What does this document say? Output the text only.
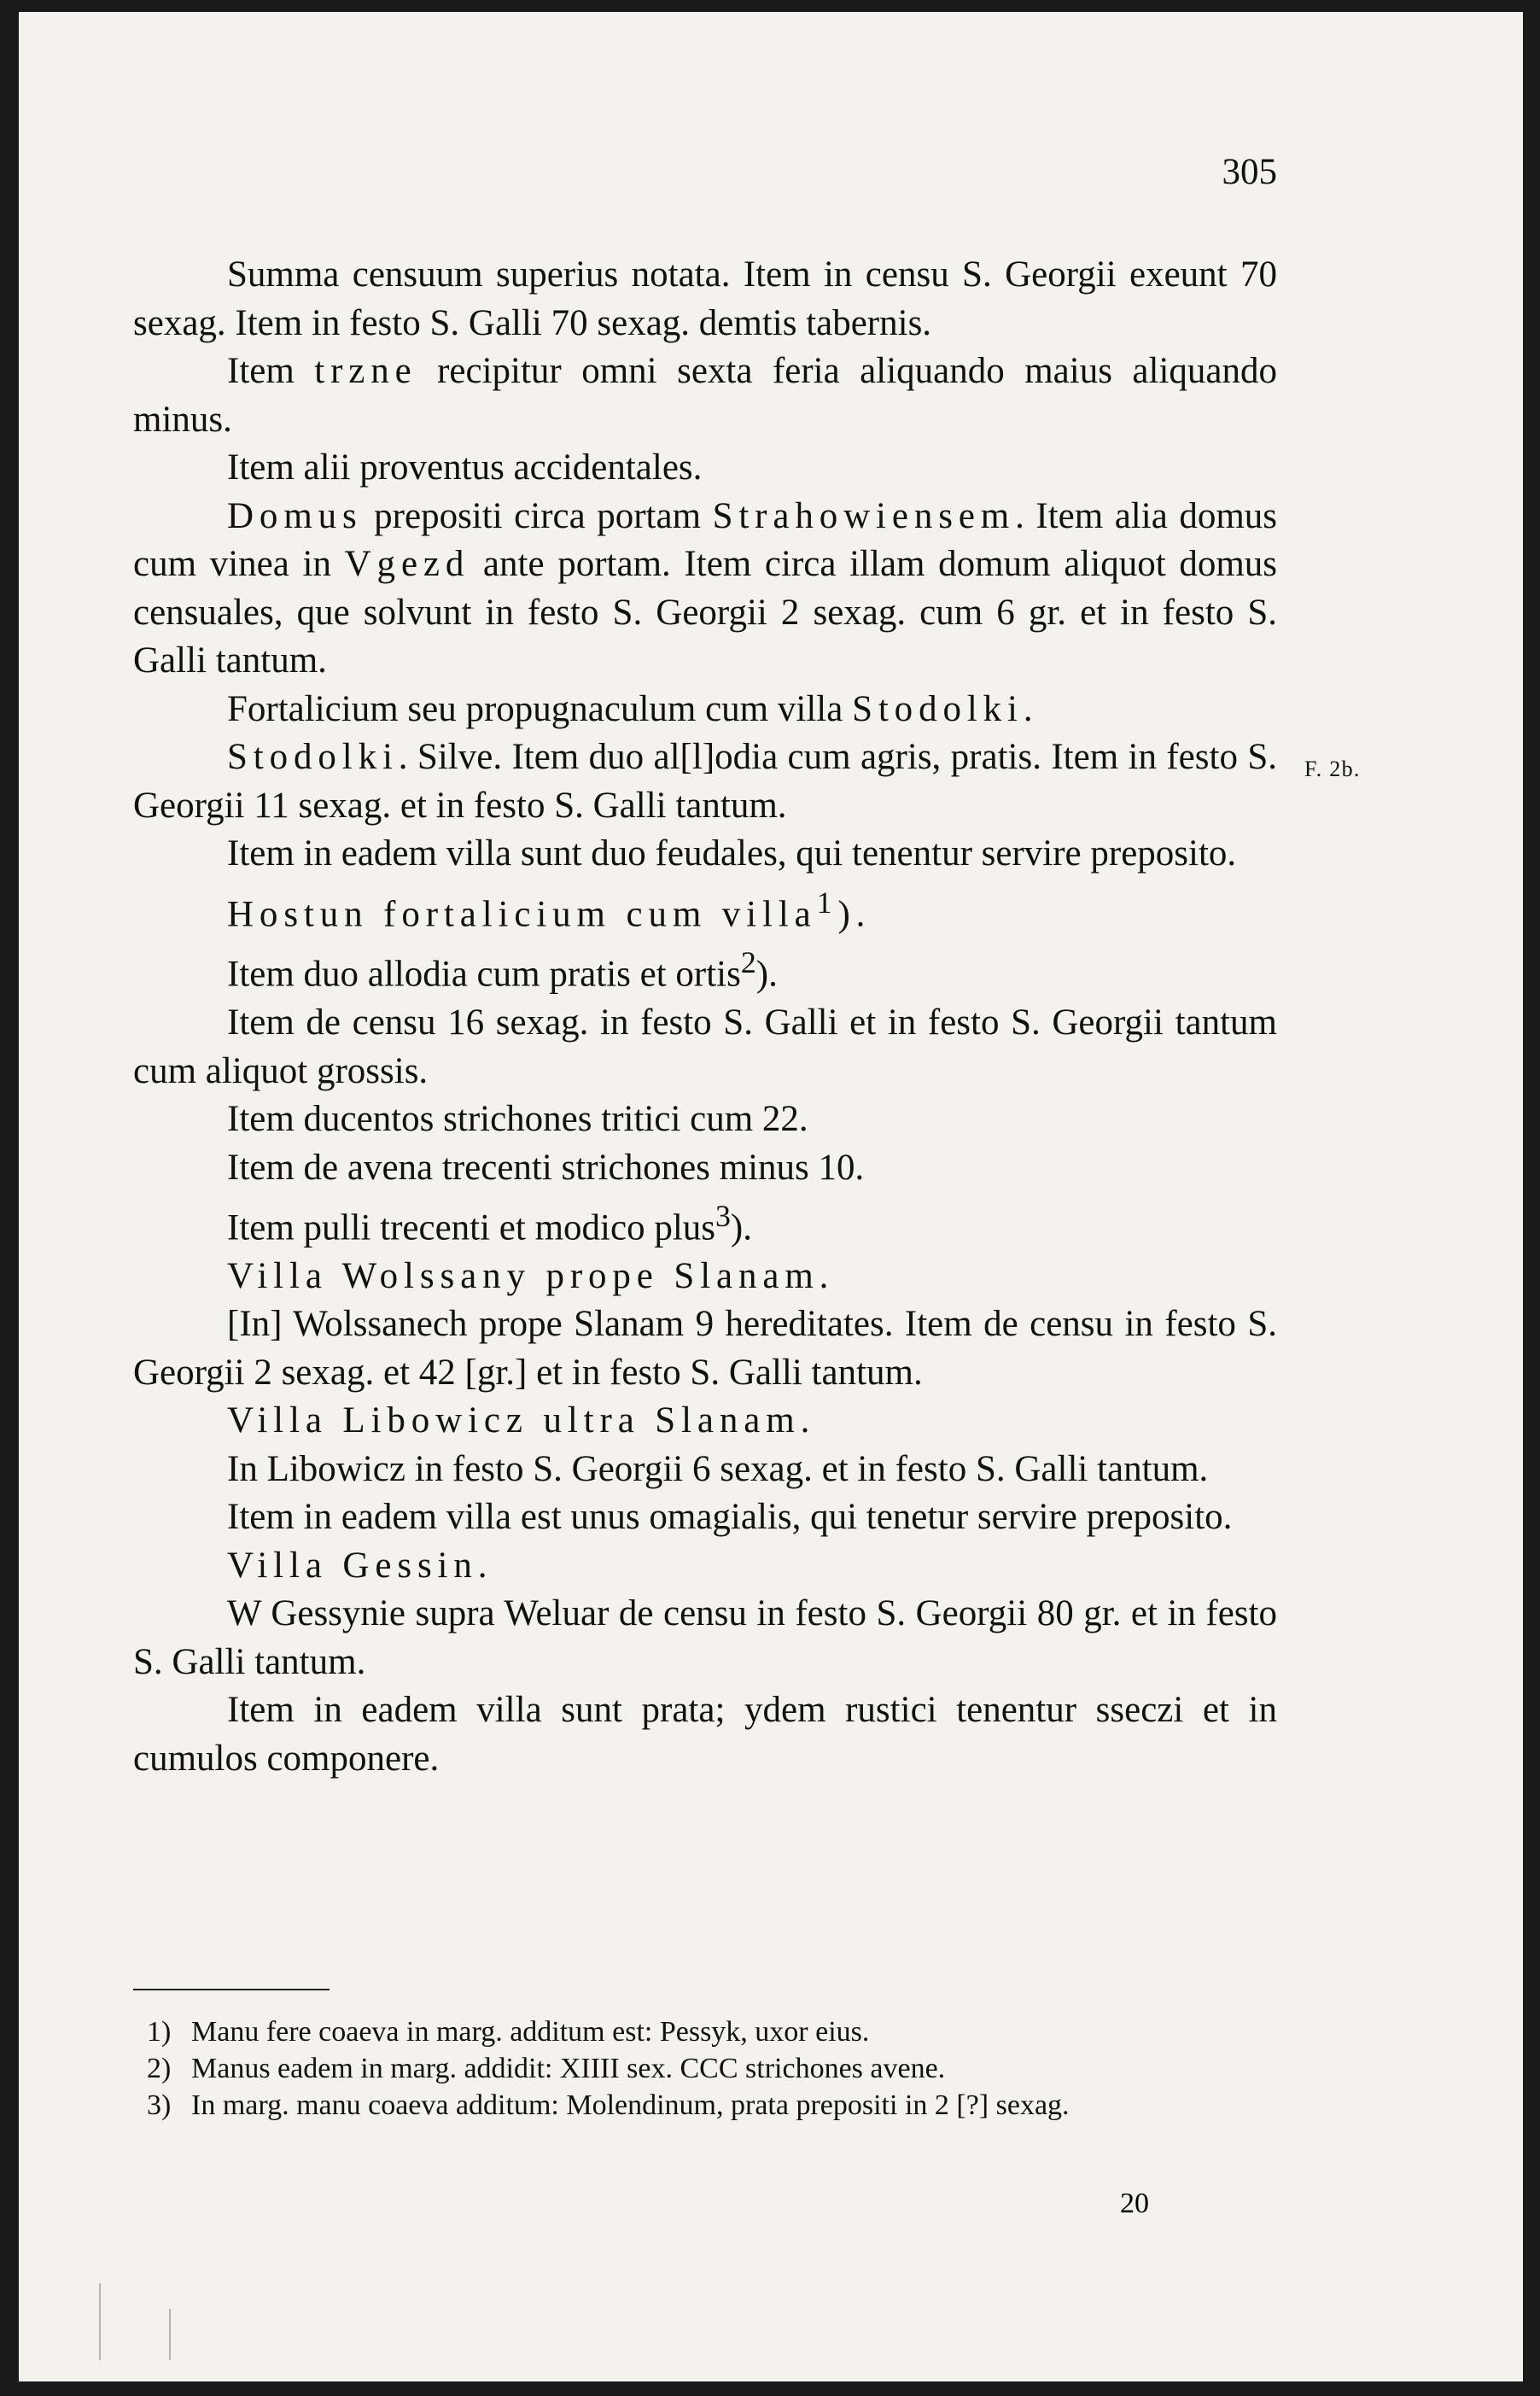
305

Summa censuum superius notata. Item in censu S. Georgii exeunt 70 sexag. Item in festo S. Galli 70 sexag. demtis tabernis.

Item trzne recipitur omni sexta feria aliquando maius aliquando minus.

Item alii proventus accidentales.

Domus prepositi circa portam Strahowiensem. Item alia domus cum vinea in Vgezd ante portam. Item circa illam domum aliquot domus censuales, que solvunt in festo S. Georgii 2 sexag. cum 6 gr. et in festo S. Galli tantum.

Fortalicium seu propugnaculum cum villa Stodolki.

Stodolki. Silve. Item duo al[l]odia cum agris, pratis. Item in festo S. Georgii 11 sexag. et in festo S. Galli tantum.

Item in eadem villa sunt duo feudales, qui tenentur servire preposito.

Hostun fortalicium cum villa$^1$).

Item duo allodia cum pratis et ortis$^2$).

Item de censu 16 sexag. in festo S. Galli et in festo S. Georgii tantum cum aliquot grossis.

Item ducentos strichones tritici cum 22.

Item de avena trecenti strichones minus 10.

Item pulli trecenti et modico plus$^3$).

Villa Wolssany prope Slanam.

[In] Wolssanech prope Slanam 9 hereditates. Item de censu in festo S. Georgii 2 sexag. et 42 [gr.] et in festo S. Galli tantum.

Villa Libowicz ultra Slanam.

In Libowicz in festo S. Georgii 6 sexag. et in festo S. Galli tantum.

Item in eadem villa est unus omagialis, qui tenetur servire preposito.

Villa Gessin.

W Gessynie supra Weluar de censu in festo S. Georgii 80 gr. et in festo S. Galli tantum.

Item in eadem villa sunt prata; ydem rustici tenentur sseczi et in cumulos componere.

F. 2b.

1) Manu fere coaeva in marg. additum est: Pessyk, uxor eius.

2) Manus eadem in marg. addidit: XIIII sex. CCC strichones avene.

3) In marg. manu coaeva additum: Molendinum, prata prepositi in 2 [?] sexag.

20
